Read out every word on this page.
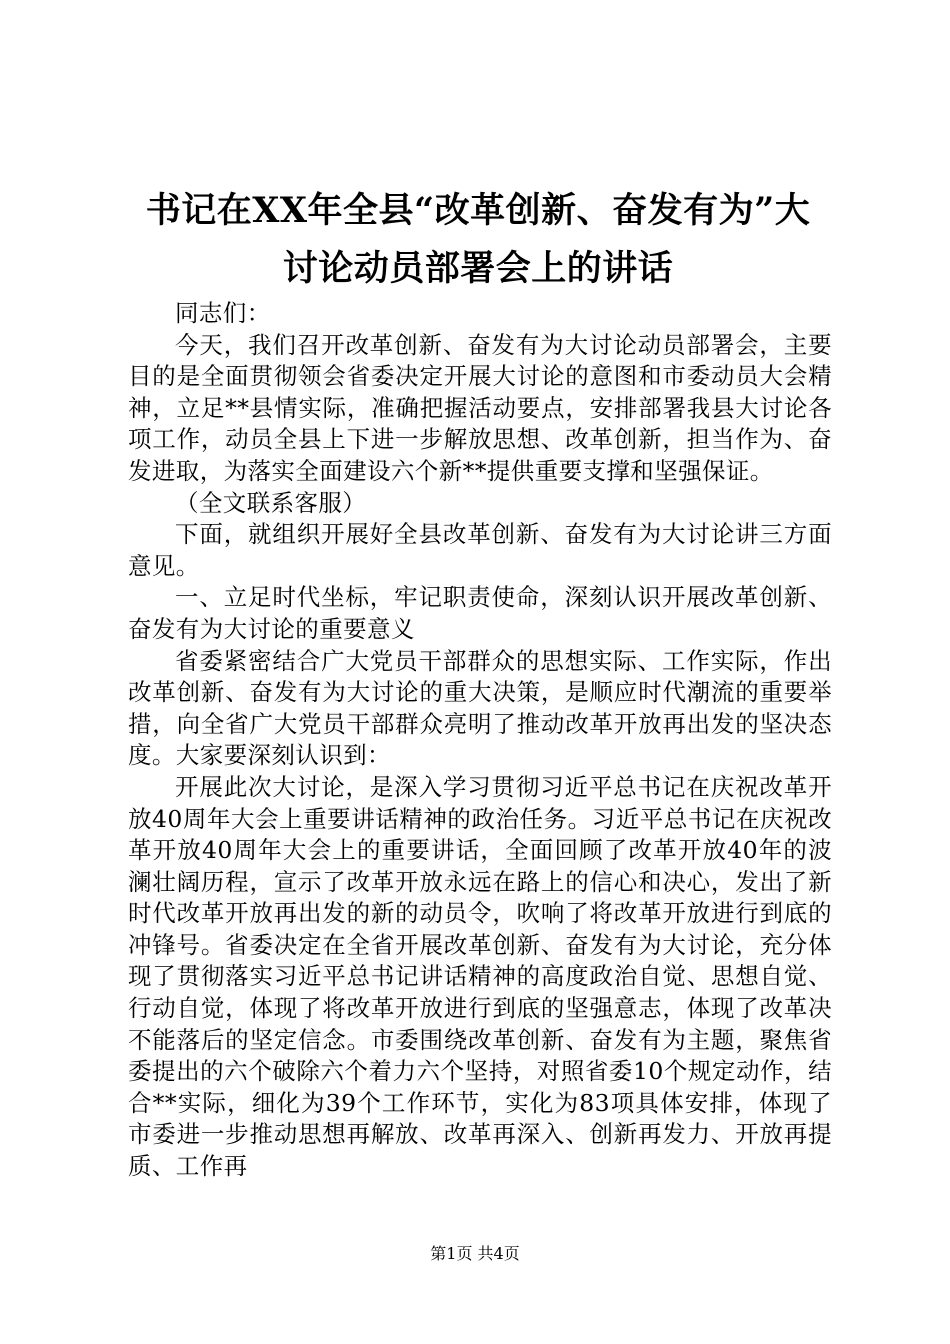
书记在XX年全县“改革创新、奋发有为”大讨论动员部署会上的讲话

同志们：

今天，我们召开改革创新、奋发有为大讨论动员部署会，主要目的是全面贯彻领会省委决定开展大讨论的意图和市委动员大会精神，立足**县情实际，准确把握活动要点，安排部署我县大讨论各项工作，动员全县上下进一步解放思想、改革创新，担当作为、奋发进取，为落实全面建设六个新**提供重要支撑和坚强保证。

（全文联系客服）

下面，就组织开展好全县改革创新、奋发有为大讨论讲三方面意见。

一、立足时代坐标，牢记职责使命，深刻认识开展改革创新、奋发有为大讨论的重要意义

省委紧密结合广大党员干部群众的思想实际、工作实际，作出改革创新、奋发有为大讨论的重大决策，是顺应时代潮流的重要举措，向全省广大党员干部群众亮明了推动改革开放再出发的坚决态度。大家要深刻认识到：

开展此次大讨论，是深入学习贯彻习近平总书记在庆祝改革开放40周年大会上重要讲话精神的政治任务。习近平总书记在庆祝改革开放40周年大会上的重要讲话，全面回顾了改革开放40年的波澜壮阔历程，宣示了改革开放永远在路上的信心和决心，发出了新时代改革开放再出发的新的动员令，吹响了将改革开放进行到底的冲锋号。省委决定在全省开展改革创新、奋发有为大讨论，充分体现了贯彻落实习近平总书记讲话精神的高度政治自觉、思想自觉、行动自觉，体现了将改革开放进行到底的坚强意志，体现了改革决不能落后的坚定信念。市委围绕改革创新、奋发有为主题，聚焦省委提出的六个破除六个着力六个坚持，对照省委10个规定动作，结合**实际，细化为39个工作环节，实化为83项具体安排，体现了市委进一步推动思想再解放、改革再深入、创新再发力、开放再提质、工作再

第1页 共4页
